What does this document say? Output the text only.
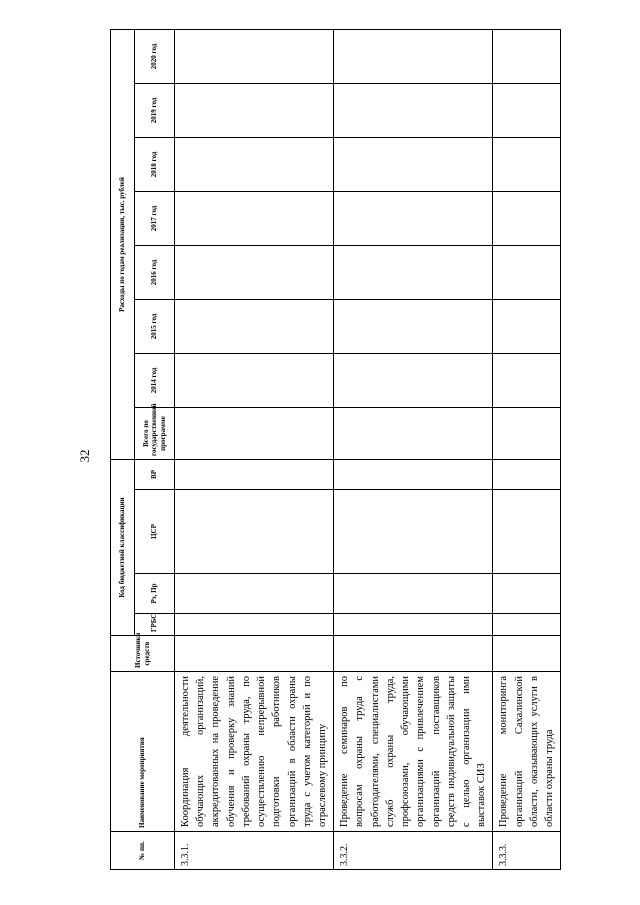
32
№ пп.	Наименование мероприятия	Источники средств	Код бюджетной классификации				Расходы по годам реализации, тыс. рублей							
			ГРБС	Рз, Пр	ЦСР	ВР	Всего по государственной программе	2014 год	2015 год	2016 год	2017 год	2018 год	2019 год	2020 год
3.3.1.	Координация деятельности обучающих организаций, аккредитованных на проведение обучения и проверку знаний требований охраны труда, по осуществлению непрерывной подготовки работников организаций в области охраны труда с учетом категорий и по отраслевому принципу													
3.3.2.	Проведение семинаров по вопросам охраны труда с работодателями, специалистами служб охраны труда, профсоюзами, обучающими организациями с привлечением организаций поставщиков средств индивидуальной защиты с целью организации ими выставок СИЗ													
3.3.3.	Проведение мониторинга организаций Сахалинской области, оказывающих услуги в области охраны труда													
